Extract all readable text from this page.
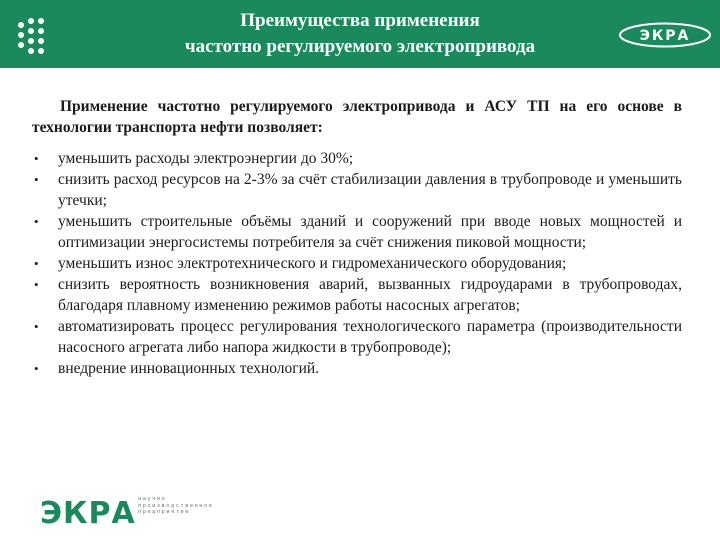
Преимущества применения
частотно регулируемого электропривода	ЭКРА

Применение частотно регулируемого электропривода и АСУ ТП на его основе в технологии транспорта нефти позволяет:

•	уменьшить расходы электроэнергии до 30%;
•	снизить расход ресурсов на 2-3% за счёт стабилизации давления в трубопроводе и уменьшить утечки;
•	уменьшить строительные объёмы зданий и сооружений при вводе новых мощностей и оптимизации энергосистемы потребителя за счёт снижения пиковой мощности;
•	уменьшить износ электротехнического и гидромеханического оборудования;
•	снизить вероятность возникновения аварий, вызванных гидроударами в трубопроводах, благодаря плавному изменению режимов работы насосных агрегатов;
•	автоматизировать процесс регулирования технологического параметра (производительности насосного агрегата либо напора жидкости в трубопроводе);
•	внедрение инновационных технологий.
ЭКРА научно
производственное
предприятие
